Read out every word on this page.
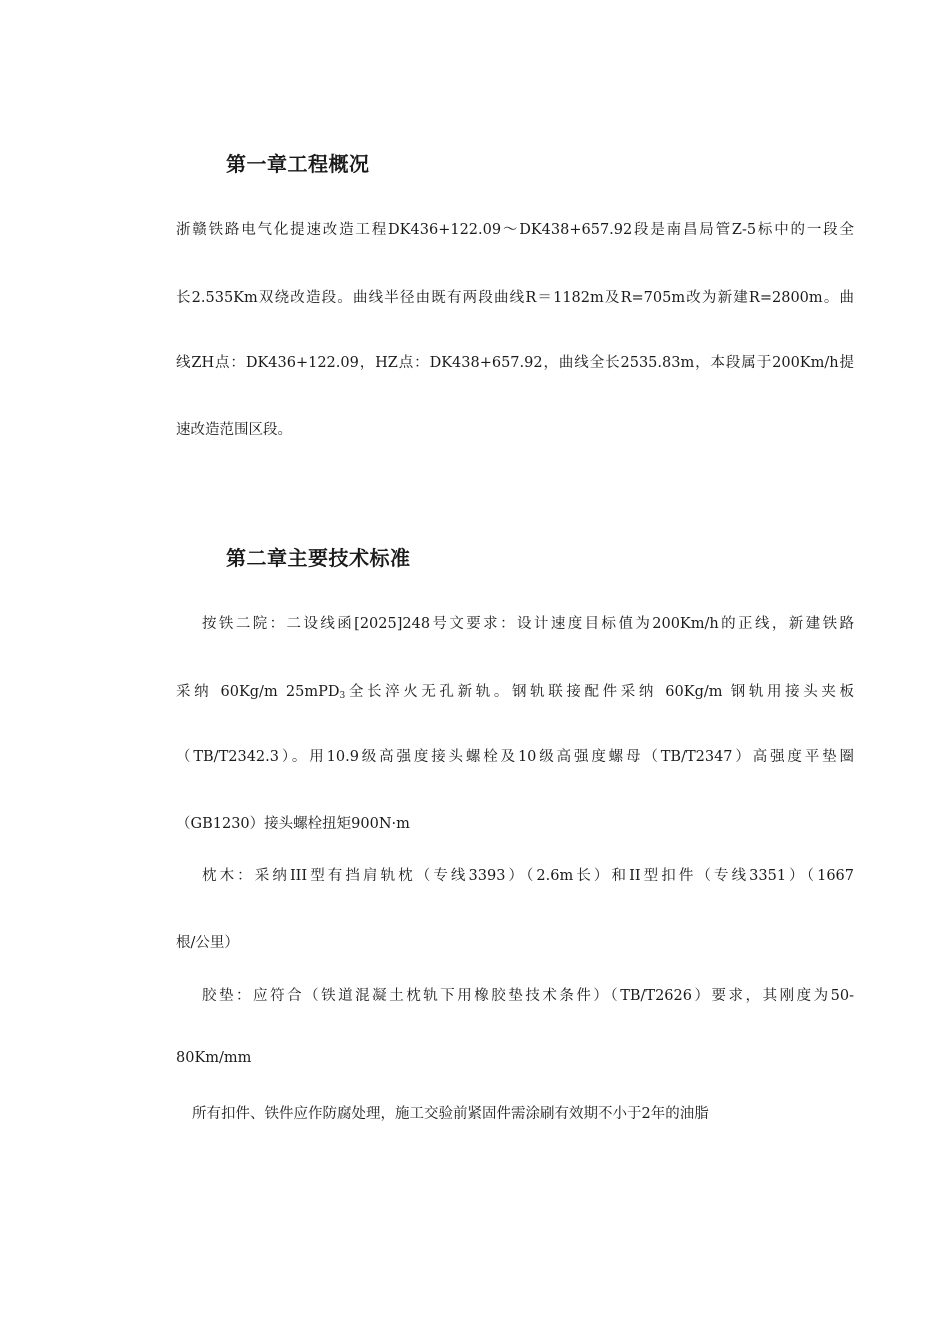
第一章工程概况
浙赣铁路电气化提速改造工程DK436+122.09～DK438+657.92段是南昌局管Z-5标中的一段全
长2.535Km双绕改造段。曲线半径由既有两段曲线R＝1182m及R=705m改为新建R=2800m。曲
线ZH点：DK436+122.09，HZ点：DK438+657.92，曲线全长2535.83m，本段属于200Km/h提
速改造范围区段。
第二章主要技术标准
按铁二院：二设线函[2025]248号文要求：设计速度目标值为200Km/h的正线，新建铁路
采纳 60Kg/m 25mPD$_3$全长淬火无孔新轨。钢轨联接配件采纳 60Kg/m 钢轨用接头夹板
（TB/T2342.3）。用10.9级高强度接头螺栓及10级高强度螺母（TB/T2347）高强度平垫圈
（GB1230）接头螺栓扭矩900N·m
枕木：采纳III型有挡肩轨枕（专线3393）（2.6m长）和II型扣件（专线3351）（1667
根/公里）
胶垫：应符合（铁道混凝土枕轨下用橡胶垫技术条件）（TB/T2626）要求，其刚度为50-
80Km/mm
所有扣件、铁件应作防腐处理，施工交验前紧固件需涂刷有效期不小于2年的油脂
